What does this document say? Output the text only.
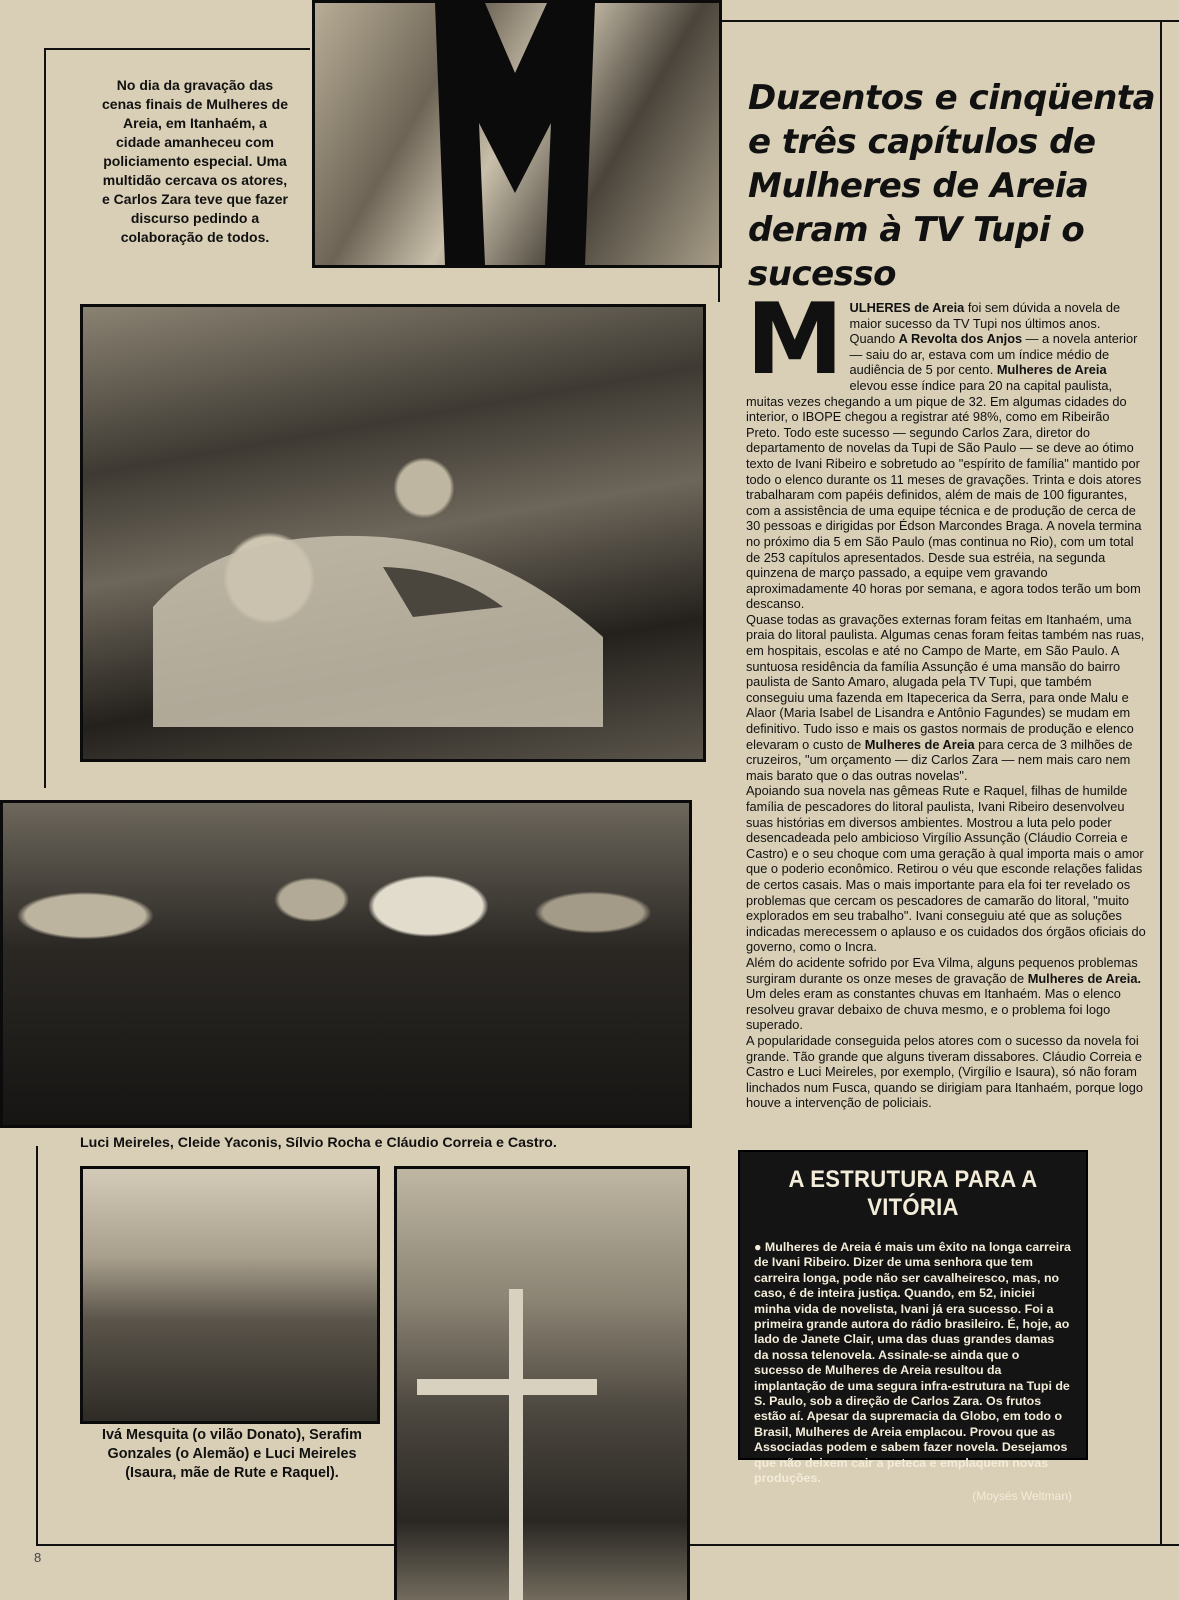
No dia da gravação das cenas finais de Mulheres de Areia, em Itanhaém, a cidade amanheceu com policiamento especial. Uma multidão cercava os atores, e Carlos Zara teve que fazer discurso pedindo a colaboração de todos.
Duzentos e cinqüenta e três capítulos de Mulheres de Areia deram à TV Tupi o sucesso
M ULHERES de Areia foi sem dúvida a novela de maior sucesso da TV Tupi nos últimos anos. Quando A Revolta dos Anjos — a novela anterior — saiu do ar, estava com um índice médio de audiência de 5 por cento. Mulheres de Areia elevou esse índice para 20 na capital paulista, muitas vezes chegando a um pique de 32. Em algumas cidades do interior, o IBOPE chegou a registrar até 98%, como em Ribeirão Preto. Todo este sucesso — segundo Carlos Zara, diretor do departamento de novelas da Tupi de São Paulo — se deve ao ótimo texto de Ivani Ribeiro e sobretudo ao "espírito de família" mantido por todo o elenco durante os 11 meses de gravações. Trinta e dois atores trabalharam com papéis definidos, além de mais de 100 figurantes, com a assistência de uma equipe técnica e de produção de cerca de 30 pessoas e dirigidas por Édson Marcondes Braga. A novela termina no próximo dia 5 em São Paulo (mas continua no Rio), com um total de 253 capítulos apresentados. Desde sua estréia, na segunda quinzena de março passado, a equipe vem gravando aproximadamente 40 horas por semana, e agora todos terão um bom descanso.

Quase todas as gravações externas foram feitas em Itanhaém, uma praia do litoral paulista. Algumas cenas foram feitas também nas ruas, em hospitais, escolas e até no Campo de Marte, em São Paulo. A suntuosa residência da família Assunção é uma mansão do bairro paulista de Santo Amaro, alugada pela TV Tupi, que também conseguiu uma fazenda em Itapecerica da Serra, para onde Malu e Alaor (Maria Isabel de Lisandra e Antônio Fagundes) se mudam em definitivo. Tudo isso e mais os gastos normais de produção e elenco elevaram o custo de Mulheres de Areia para cerca de 3 milhões de cruzeiros, "um orçamento — diz Carlos Zara — nem mais caro nem mais barato que o das outras novelas".

Apoiando sua novela nas gêmeas Rute e Raquel, filhas de humilde família de pescadores do litoral paulista, Ivani Ribeiro desenvolveu suas histórias em diversos ambientes. Mostrou a luta pelo poder desencadeada pelo ambicioso Virgílio Assunção (Cláudio Correia e Castro) e o seu choque com uma geração à qual importa mais o amor que o poderio econômico. Retirou o véu que esconde relações falidas de certos casais. Mas o mais importante para ela foi ter revelado os problemas que cercam os pescadores de camarão do litoral, "muito explorados em seu trabalho". Ivani conseguiu até que as soluções indicadas merecessem o aplauso e os cuidados dos órgãos oficiais do governo, como o Incra.

Além do acidente sofrido por Eva Vilma, alguns pequenos problemas surgiram durante os onze meses de gravação de Mulheres de Areia. Um deles eram as constantes chuvas em Itanhaém. Mas o elenco resolveu gravar debaixo de chuva mesmo, e o problema foi logo superado.

A popularidade conseguida pelos atores com o sucesso da novela foi grande. Tão grande que alguns tiveram dissabores. Cláudio Correia e Castro e Luci Meireles, por exemplo, (Virgílio e Isaura), só não foram linchados num Fusca, quando se dirigiam para Itanhaém, porque logo houve a intervenção de policiais.

Luci Meireles, Cleide Yaconis, Sílvio Rocha e Cláudio Correia e Castro.
Ivá Mesquita (o vilão Donato), Serafim Gonzales (o Alemão) e Luci Meireles (Isaura, mãe de Rute e Raquel).
A ESTRUTURA PARA A VITÓRIA
● Mulheres de Areia é mais um êxito na longa carreira de Ivani Ribeiro. Dizer de uma senhora que tem carreira longa, pode não ser cavalheiresco, mas, no caso, é de inteira justiça. Quando, em 52, iniciei minha vida de novelista, Ivani já era sucesso. Foi a primeira grande autora do rádio brasileiro. É, hoje, ao lado de Janete Clair, uma das duas grandes damas da nossa telenovela. Assinale-se ainda que o sucesso de Mulheres de Areia resultou da implantação de uma segura infra-estrutura na Tupi de S. Paulo, sob a direção de Carlos Zara. Os frutos estão aí. Apesar da supremacia da Globo, em todo o Brasil, Mulheres de Areia emplacou. Provou que as Associadas podem e sabem fazer novela. Desejamos que não deixem cair a peteca e emplaquem novas produções.
(Moysés Weltman)
8
